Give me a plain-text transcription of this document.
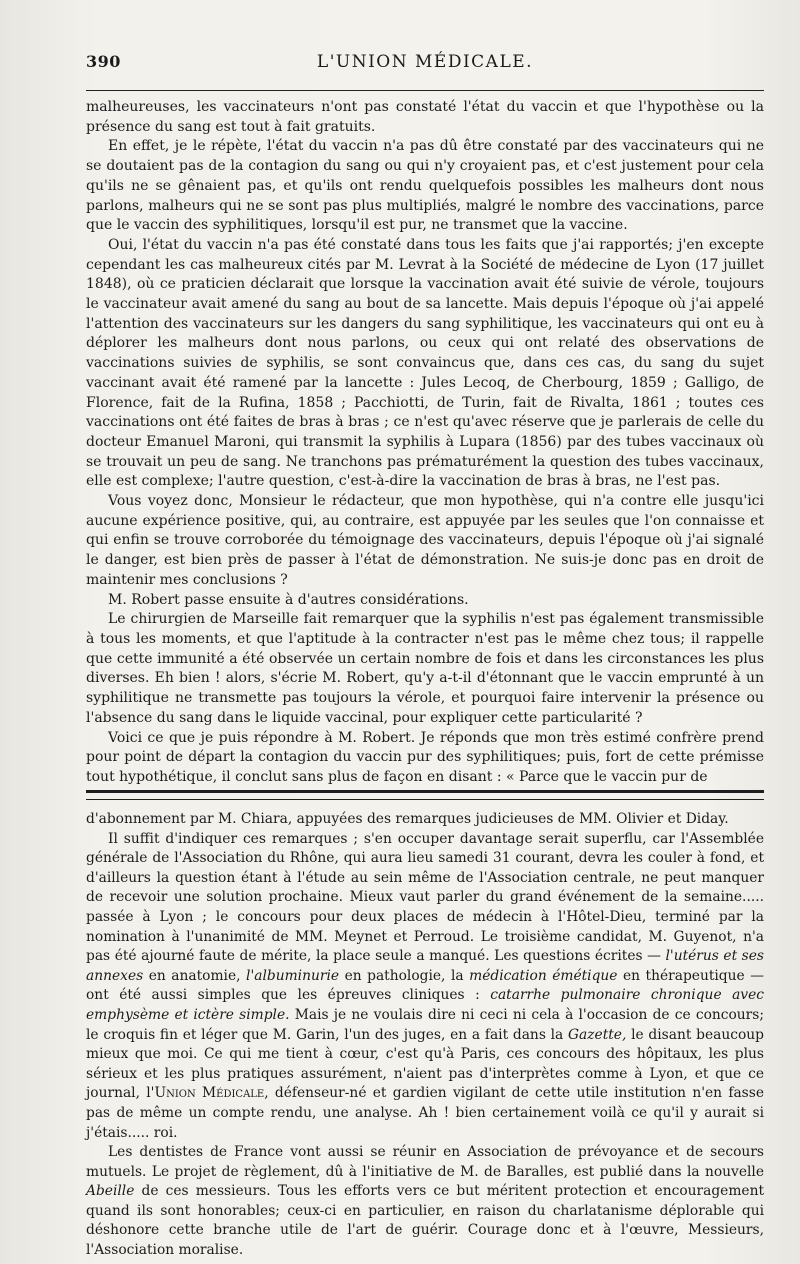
390	L'UNION MÉDICALE.

malheureuses, les vaccinateurs n'ont pas constaté l'état du vaccin et que l'hypothèse ou la présence du sang est tout à fait gratuits.

En effet, je le répète, l'état du vaccin n'a pas dû être constaté par des vaccinateurs qui ne se doutaient pas de la contagion du sang ou qui n'y croyaient pas, et c'est justement pour cela qu'ils ne se gênaient pas, et qu'ils ont rendu quelquefois possibles les malheurs dont nous parlons, malheurs qui ne se sont pas plus multipliés, malgré le nombre des vaccinations, parce que le vaccin des syphilitiques, lorsqu'il est pur, ne transmet que la vaccine.

Oui, l'état du vaccin n'a pas été constaté dans tous les faits que j'ai rapportés; j'en excepte cependant les cas malheureux cités par M. Levrat à la Société de médecine de Lyon (17 juillet 1848), où ce praticien déclarait que lorsque la vaccination avait été suivie de vérole, toujours le vaccinateur avait amené du sang au bout de sa lancette. Mais depuis l'époque où j'ai appelé l'attention des vaccinateurs sur les dangers du sang syphilitique, les vaccinateurs qui ont eu à déplorer les malheurs dont nous parlons, ou ceux qui ont relaté des observations de vaccinations suivies de syphilis, se sont convaincus que, dans ces cas, du sang du sujet vaccinant avait été ramené par la lancette : Jules Lecoq, de Cherbourg, 1859 ; Galligo, de Florence, fait de la Rufina, 1858 ; Pacchiotti, de Turin, fait de Rivalta, 1861 ; toutes ces vaccinations ont été faites de bras à bras ; ce n'est qu'avec réserve que je parlerais de celle du docteur Emanuel Maroni, qui transmit la syphilis à Lupara (1856) par des tubes vaccinaux où se trouvait un peu de sang. Ne tranchons pas prématurément la question des tubes vaccinaux, elle est complexe; l'autre question, c'est-à-dire la vaccination de bras à bras, ne l'est pas.

Vous voyez donc, Monsieur le rédacteur, que mon hypothèse, qui n'a contre elle jusqu'ici aucune expérience positive, qui, au contraire, est appuyée par les seules que l'on connaisse et qui enfin se trouve corroborée du témoignage des vaccinateurs, depuis l'époque où j'ai signalé le danger, est bien près de passer à l'état de démonstration. Ne suis-je donc pas en droit de maintenir mes conclusions ?

M. Robert passe ensuite à d'autres considérations.

Le chirurgien de Marseille fait remarquer que la syphilis n'est pas également transmissible à tous les moments, et que l'aptitude à la contracter n'est pas le même chez tous; il rappelle que cette immunité a été observée un certain nombre de fois et dans les circonstances les plus diverses. Eh bien ! alors, s'écrie M. Robert, qu'y a-t-il d'étonnant que le vaccin emprunté à un syphilitique ne transmette pas toujours la vérole, et pourquoi faire intervenir la présence ou l'absence du sang dans le liquide vaccinal, pour expliquer cette particularité ?

Voici ce que je puis répondre à M. Robert. Je réponds que mon très estimé confrère prend pour point de départ la contagion du vaccin pur des syphilitiques; puis, fort de cette prémisse tout hypothétique, il conclut sans plus de façon en disant : « Parce que le vaccin pur de

d'abonnement par M. Chiara, appuyées des remarques judicieuses de MM. Olivier et Diday.

Il suffit d'indiquer ces remarques ; s'en occuper davantage serait superflu, car l'Assemblée générale de l'Association du Rhône, qui aura lieu samedi 31 courant, devra les couler à fond, et d'ailleurs la question étant à l'étude au sein même de l'Association centrale, ne peut manquer de recevoir une solution prochaine. Mieux vaut parler du grand événement de la semaine..... passée à Lyon ; le concours pour deux places de médecin à l'Hôtel-Dieu, terminé par la nomination à l'unanimité de MM. Meynet et Perroud. Le troisième candidat, M. Guyenot, n'a pas été ajourné faute de mérite, la place seule a manqué. Les questions écrites — l'utérus et ses annexes en anatomie, l'albuminurie en pathologie, la médication émétique en thérapeutique — ont été aussi simples que les épreuves cliniques : catarrhe pulmonaire chronique avec emphysème et ictère simple. Mais je ne voulais dire ni ceci ni cela à l'occasion de ce concours; le croquis fin et léger que M. Garin, l'un des juges, en a fait dans la Gazette, le disant beaucoup mieux que moi. Ce qui me tient à cœur, c'est qu'à Paris, ces concours des hôpitaux, les plus sérieux et les plus pratiques assurément, n'aient pas d'interprètes comme à Lyon, et que ce journal, l'Union Médicale, défenseur-né et gardien vigilant de cette utile institution n'en fasse pas de même un compte rendu, une analyse. Ah ! bien certainement voilà ce qu'il y aurait si j'étais..... roi.

Les dentistes de France vont aussi se réunir en Association de prévoyance et de secours mutuels. Le projet de règlement, dû à l'initiative de M. de Baralles, est publié dans la nouvelle Abeille de ces messieurs. Tous les efforts vers ce but méritent protection et encouragement quand ils sont honorables; ceux-ci en particulier, en raison du charlatanisme déplorable qui déshonore cette branche utile de l'art de guérir. Courage donc et à l'œuvre, Messieurs, l'Association moralise.
